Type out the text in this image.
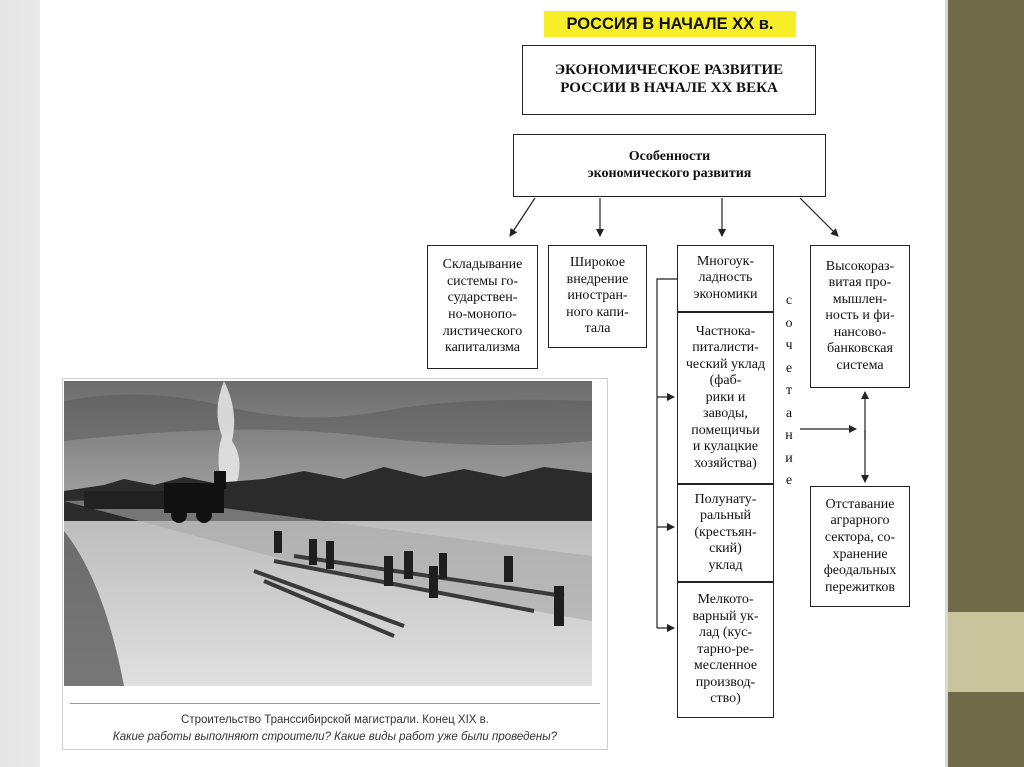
РОССИЯ В НАЧАЛЕ XX в.
ЭКОНОМИЧЕСКОЕ РАЗВИТИЕ
РОССИИ В НАЧАЛЕ XX ВЕКА
Особенности
экономического развития
Складывание
системы го-
сударствен-
но-монопо-
листического
капитализма
Широкое
внедрение
иностран-
ного капи-
тала
Многоук-
ладность
экономики
Высокораз-
витая про-
мышлен-
ность и фи-
нансово-
банковская
система
Частнока-
питалисти-
ческий уклад
(фаб-
рики и
заводы,
помещичьи
и кулацкие
хозяйства)
Полунату-
ральный
(крестьян-
ский)
уклад
Мелкото-
варный ук-
лад (кус-
тарно-ре-
месленное
производ-
ство)
с
о
ч
е
т
а
н
и
е
Отставание
аграрного
сектора, со-
хранение
феодальных
пережитков
Строительство Транссибирской магистрали. Конец XIX в.
Какие работы выполняют строители? Какие виды работ уже были проведены?
